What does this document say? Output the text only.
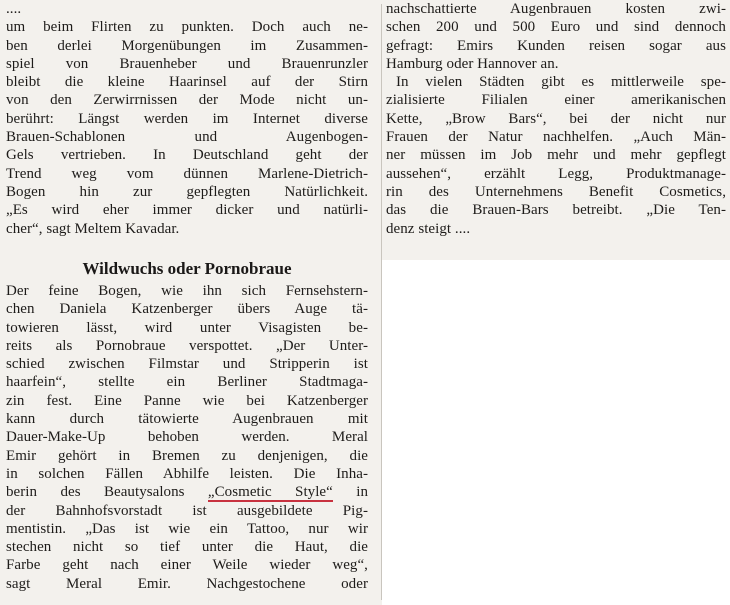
....
um beim Flirten zu punkten. Doch auch ne-
ben derlei Morgenübungen im Zusammen-
spiel von Brauenheber und Brauenrunzler
bleibt die kleine Haarinsel auf der Stirn
von den Zerwirrnissen der Mode nicht un-
berührt: Längst werden im Internet diverse
Brauen-Schablonen und Augenbogen-
Gels vertrieben. In Deutschland geht der
Trend weg vom dünnen Marlene-Dietrich-
Bogen hin zur gepflegten Natürlichkeit.
„Es wird eher immer dicker und natürli-
cher“, sagt Meltem Kavadar.
Wildwuchs oder Pornobraue
Der feine Bogen, wie ihn sich Fernsehstern-
chen Daniela Katzenberger übers Auge tä-
towieren lässt, wird unter Visagisten be-
reits als Pornobraue verspottet. „Der Unter-
schied zwischen Filmstar und Stripperin ist
haarfein“, stellte ein Berliner Stadtmaga-
zin fest. Eine Panne wie bei Katzenberger
kann durch tätowierte Augenbrauen mit
Dauer-Make-Up behoben werden. Meral
Emir gehört in Bremen zu denjenigen, die
in solchen Fällen Abhilfe leisten. Die Inha-
berin des Beautysalons „Cosmetic Style“ in
der Bahnhofsvorstadt ist ausgebildete Pig-
mentistin. „Das ist wie ein Tattoo, nur wir
stechen nicht so tief unter die Haut, die
Farbe geht nach einer Weile wieder weg“,
sagt Meral Emir. Nachgestochene oder
nachschattierte Augenbrauen kosten zwi-
schen 200 und 500 Euro und sind dennoch
gefragt: Emirs Kunden reisen sogar aus
Hamburg oder Hannover an.
In vielen Städten gibt es mittlerweile spe-
zialisierte Filialen einer amerikanischen
Kette, „Brow Bars“, bei der nicht nur
Frauen der Natur nachhelfen. „Auch Män-
ner müssen im Job mehr und mehr gepflegt
aussehen“, erzählt Legg, Produktmanage-
rin des Unternehmens Benefit Cosmetics,
das die Brauen-Bars betreibt. „Die Ten-
denz steigt ....
